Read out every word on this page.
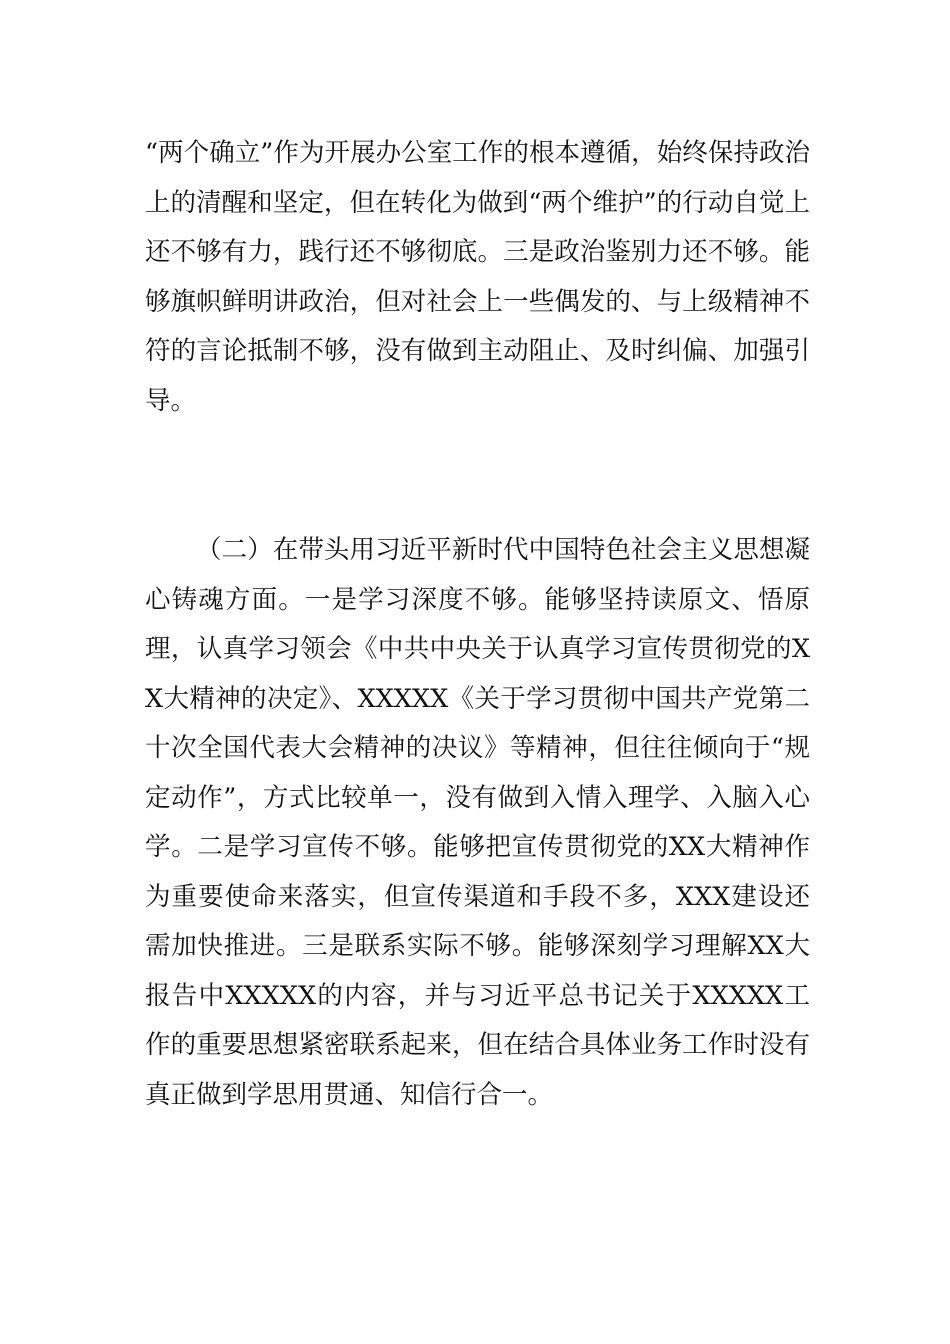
“两个确立”作为开展办公室工作的根本遵循，始终保持政治上的清醒和坚定，但在转化为做到“两个维护”的行动自觉上还不够有力，践行还不够彻底。三是政治鉴别力还不够。能够旗帜鲜明讲政治，但对社会上一些偶发的、与上级精神不符的言论抵制不够，没有做到主动阻止、及时纠偏、加强引导。

（二）在带头用习近平新时代中国特色社会主义思想凝心铸魂方面。一是学习深度不够。能够坚持读原文、悟原理，认真学习领会《中共中央关于认真学习宣传贯彻党的XX大精神的决定》、XXXXX《关于学习贯彻中国共产党第二十次全国代表大会精神的决议》等精神，但往往倾向于“规定动作”，方式比较单一，没有做到入情入理学、入脑入心学。二是学习宣传不够。能够把宣传贯彻党的XX大精神作为重要使命来落实，但宣传渠道和手段不多，XXX建设还需加快推进。三是联系实际不够。能够深刻学习理解XX大报告中XXXXX的内容，并与习近平总书记关于XXXXX工作的重要思想紧密联系起来，但在结合具体业务工作时没有真正做到学思用贯通、知信行合一。
